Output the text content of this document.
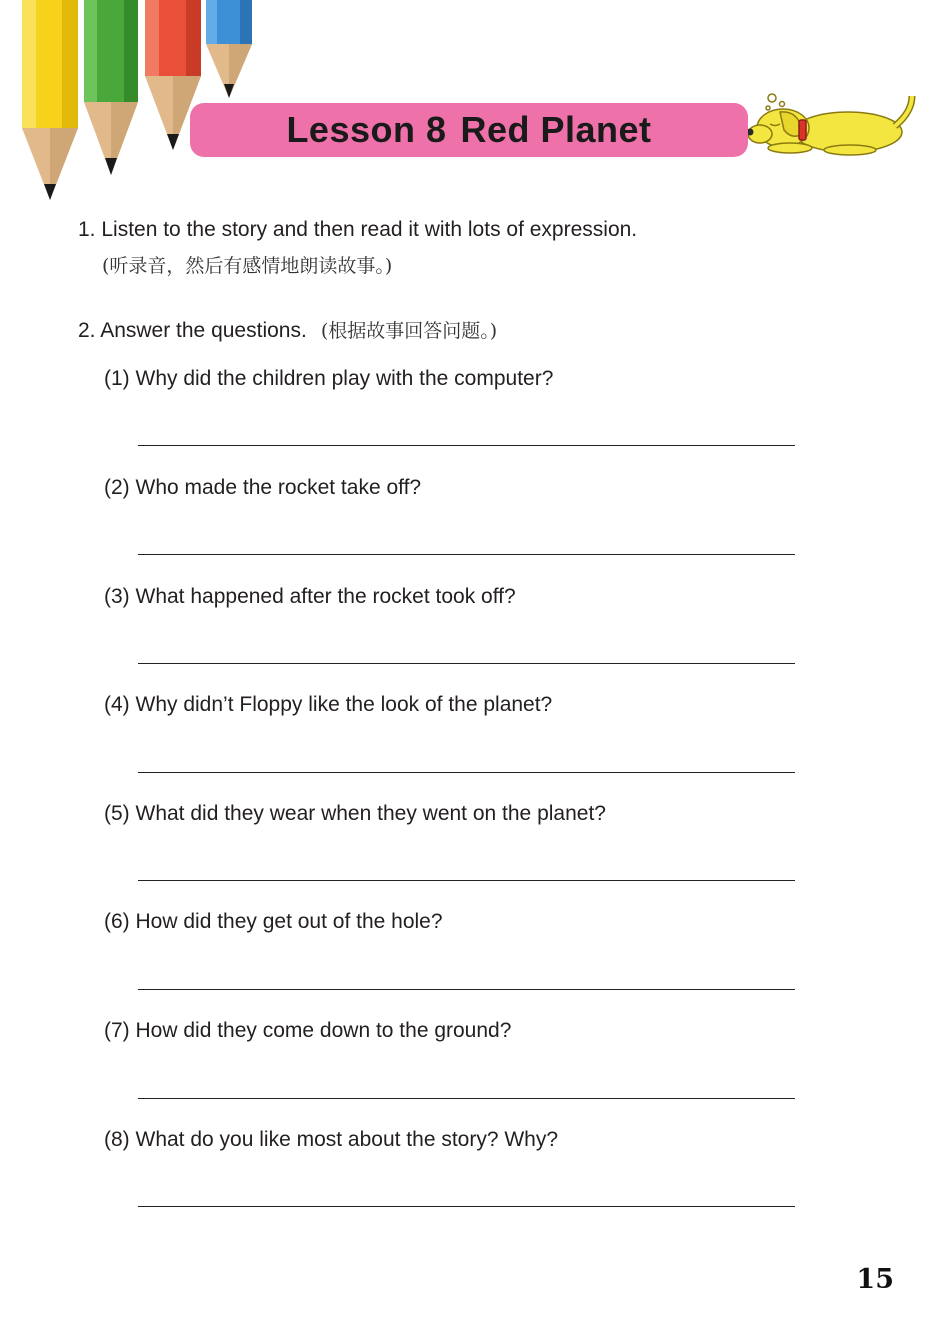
Lesson 8 Red Planet
1. Listen to the story and then read it with lots of expression.
(听录音，然后有感情地朗读故事。)
2. Answer the questions. (根据故事回答问题。)
(1) Why did the children play with the computer?
(2) Who made the rocket take off?
(3) What happened after the rocket took off?
(4) Why didn’t Floppy like the look of the planet?
(5) What did they wear when they went on the planet?
(6) How did they get out of the hole?
(7) How did they come down to the ground?
(8) What do you like most about the story? Why?
15
